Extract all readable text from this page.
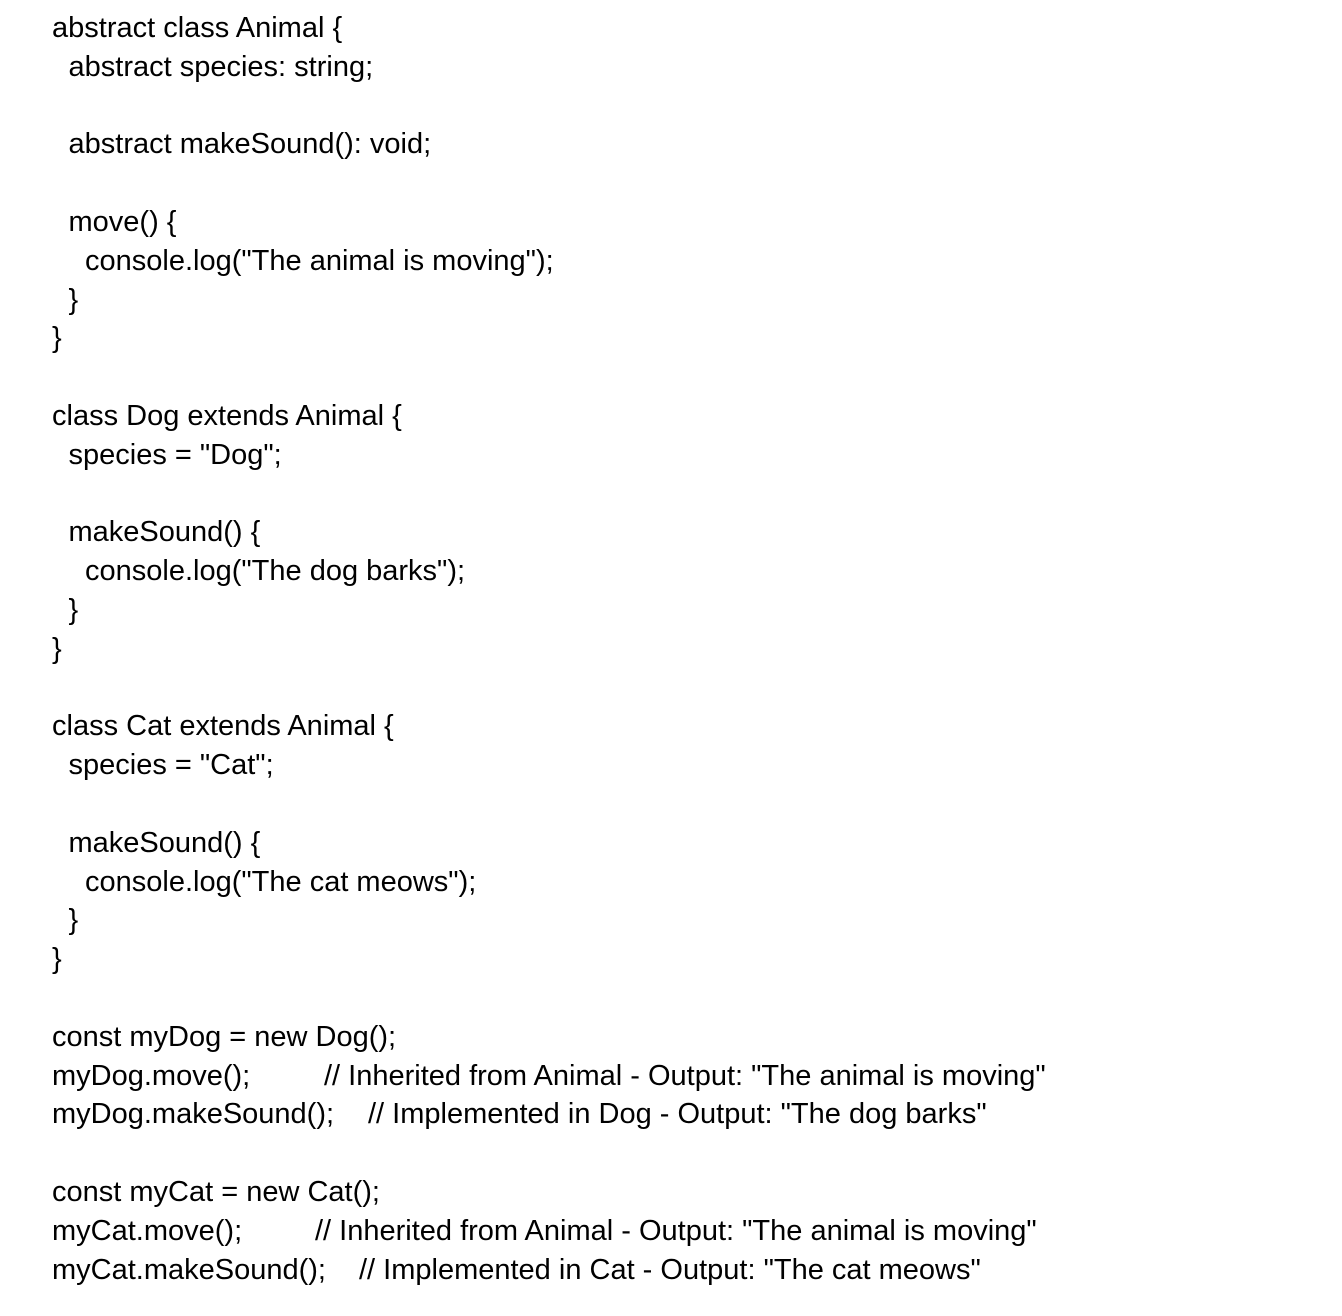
abstract class Animal {
abstract species: string;
abstract makeSound(): void;
move() {
console.log("The animal is moving");
}
}
class Dog extends Animal {
species = "Dog";
makeSound() {
console.log("The dog barks");
}
}
class Cat extends Animal {
species = "Cat";
makeSound() {
console.log("The cat meows");
}
}
const myDog = new Dog();
myDog.move();	// Inherited from Animal - Output: "The animal is moving"
myDog.makeSound(); // Implemented in Dog - Output: "The dog barks"
const myCat = new Cat();
myCat.move();	// Inherited from Animal - Output: "The animal is moving"
myCat.makeSound(); // Implemented in Cat - Output: "The cat meows"
